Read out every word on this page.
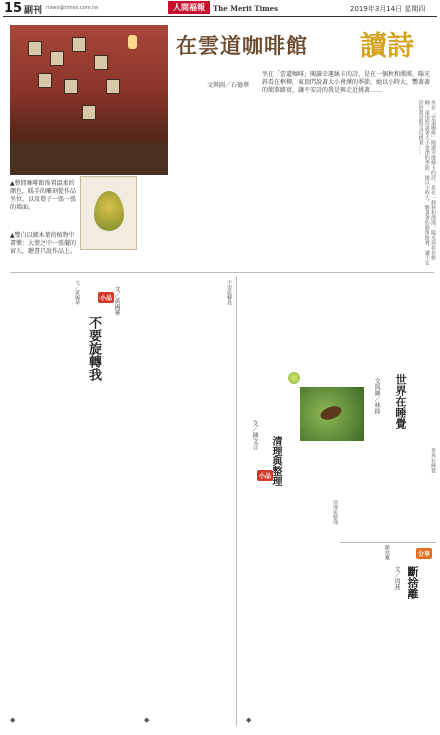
15 副刊 miwo@times.com.tw	人間福報	The Merit Times	2019年3月14日 星期四
▲整間咖啡館佈置溫柔的顏色，暖手的雕刻從作品坐位，以及葉子一張一張的墙面。
▲雙白以細木葉的植物中畫樂：大葉之中一張擺的窗人，聽書只說作品上。
在雲道咖啡館 讀詩
文與圖／石德華
坐在「雲道咖啡」閱讀幸運絲卡的詩，是在一個秋和漢漢，陽光斜看在框柳，東頂閃說著大小會澤的季節，她以小時大，響著著的簡單路實，讓不安詩的我是與走近挑著……
坐在「雲道咖啡」閱讀幸運絲卡的詩，是在一個秋和漢漢，陽光斜看在框柳，東頂閃說著大小會澤的季節，她以小時大，響著著的簡單路實，讓不安詩的我是與走近挑著……
小品 文／黃國華
不要旋轉我
文／黃國華	不要旋轉我
小品
文／鍾文音
清理與整理
清理與整理
世界在睡覺
文與圖／林鋒
世界在睡覺
分享
斷捨離
文／周燕
斷捨離
◆	◆	◆
